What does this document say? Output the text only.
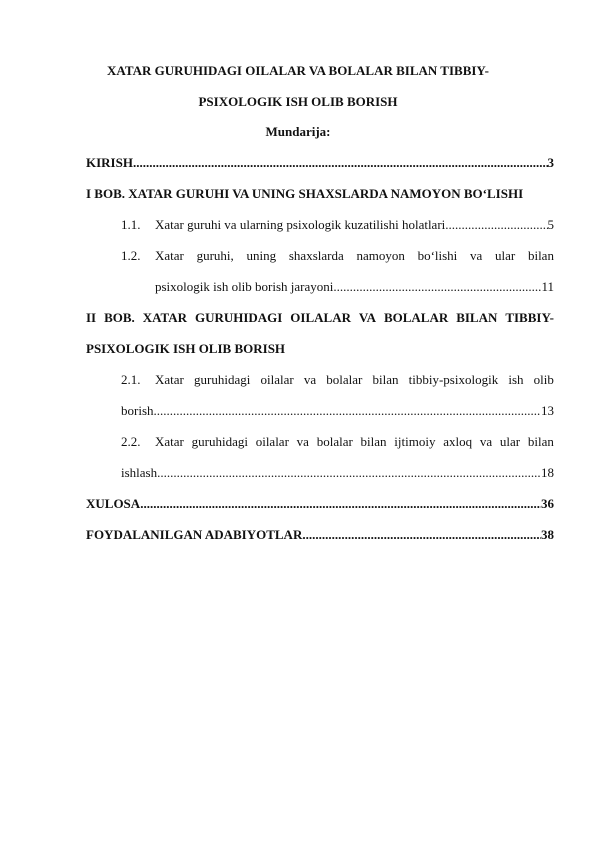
XATAR GURUHIDAGI OILALAR VA BOLALAR BILAN TIBBIY-

PSIXOLOGIK ISH OLIB BORISH

Mundarija:

KIRISH .....	3

I BOB. XATAR GURUHI VA UNING SHAXSLARDA NAMOYON BO‘LISHI

1.1. Xatar guruhi va ularning psixologik kuzatilishi holatlari .....	5
1.2. Xatar guruhi, uning shaxslarda namoyon bo‘lishi va ular bilan
psixologik ish olib borish jarayoni .....	11
II BOB. XATAR GURUHIDAGI OILALAR VA BOLALAR BILAN TIBBIY-

PSIXOLOGIK ISH OLIB BORISH

2.1. Xatar guruhidagi oilalar va bolalar bilan tibbiy-psixologik ish olib
borish .....	13
2.2. Xatar guruhidagi oilalar va bolalar bilan ijtimoiy axloq va ular bilan
ishlash .....	18
XULOSA .....	36
FOYDALANILGAN ADABIYOTLAR .....	38
